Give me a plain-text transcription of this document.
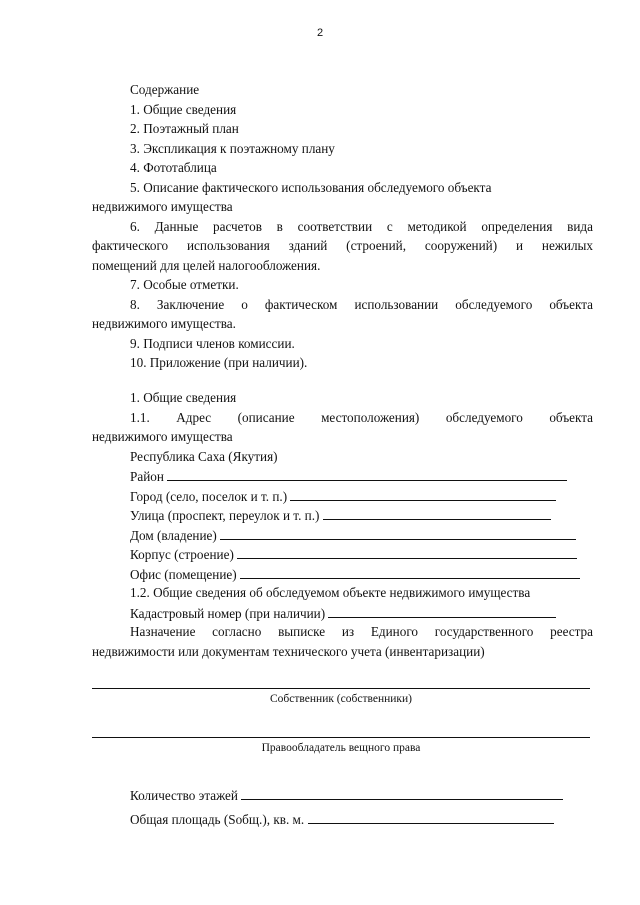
2
Содержание
1. Общие сведения
2. Поэтажный план
3. Экспликация к поэтажному плану
4. Фототаблица
5. Описание фактического использования обследуемого объекта
недвижимого имущества
6. Данные расчетов в соответствии с методикой определения вида
фактического использования зданий (строений, сооружений) и нежилых
помещений для целей налогообложения.
7. Особые отметки.
8. Заключение о фактическом использовании обследуемого объекта
недвижимого имущества.
9. Подписи членов комиссии.
10. Приложение (при наличии).
1. Общие сведения
1.1. Адрес (описание местоположения) обследуемого объекта
недвижимого имущества
Республика Саха (Якутия)
Район
Город (село, поселок и т. п.)
Улица (проспект, переулок и т. п.)
Дом (владение)
Корпус (строение)
Офис (помещение)
1.2. Общие сведения об обследуемом объекте недвижимого имущества
Кадастровый номер (при наличии)
Назначение согласно выписке из Единого государственного реестра
недвижимости или документам технического учета (инвентаризации)
Собственник (собственники)
Правообладатель вещного права
Количество этажей
Общая площадь (Sобщ.), кв. м.
